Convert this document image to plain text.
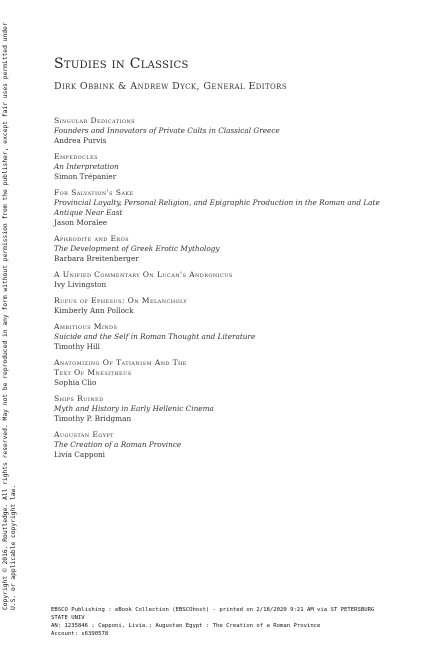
Copyright © 2016. Routledge. All rights reserved. May not be reproduced in any form without permission from the publisher, except fair uses permitted under U.S. or applicable copyright law.
Studies in Classics
Dirk Obbink & Andrew Dyck, General Editors
Singular Dedications
Founders and Innovators of Private Cults in Classical Greece
Andrea Purvis
Empedocles
An Interpretation
Simon Trépanier
For Salvation's Sake
Provincial Loyalty, Personal Religion, and Epigraphic Production in the Roman and Late Antique Near East
Jason Moralee
Aphrodite and Eros
The Development of Greek Erotic Mythology
Barbara Breitenberger
A Unified Commentary On Lucan's Andronicus
Ivy Livingston
Rufus of Ephesus: On Melancholy
Kimberly Ann Pollock
Ambitious Minds
Suicide and the Self in Roman Thought and Literature
Timothy Hill
Anatomizing Of Tatianism And The
Text Of Mnesitheus
Sophia Clio
Ships Ruined
Myth and History in Early Hellenic Cinema
Timothy P. Bridgman
Augustan Egypt
The Creation of a Roman Province
Livia Capponi
EBSCO Publishing : eBook Collection (EBSCOhost) - printed on 2/18/2020 9:21 AM via ST PETERSBURG
STATE UNIV
AN: 1235846 ; Capponi, Livia.; Augustan Egypt : The Creation of a Roman Province
Account: s6390578
